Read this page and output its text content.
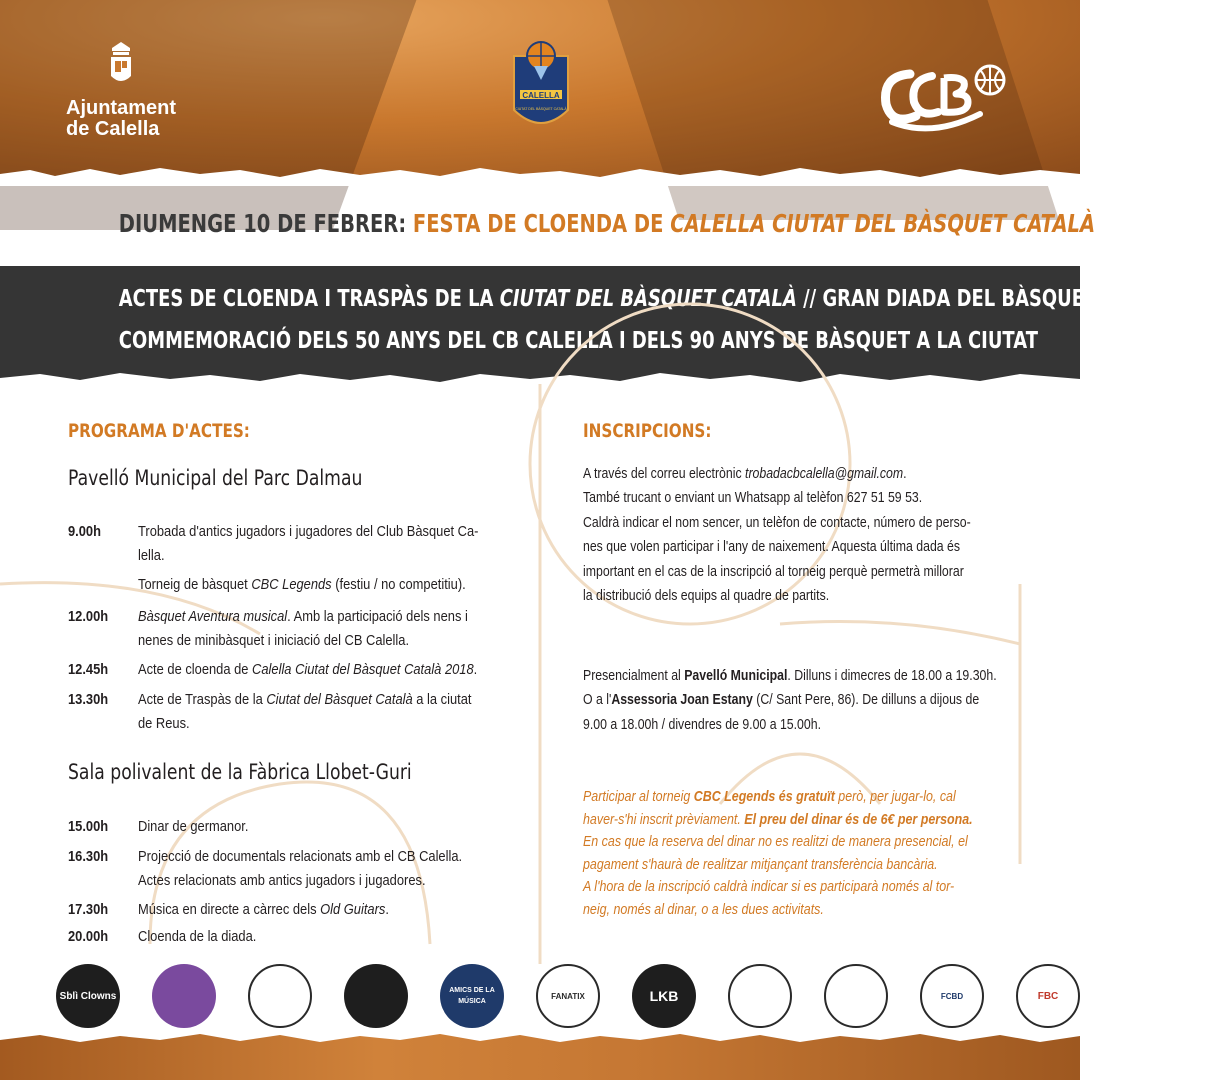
Ajuntament
de Calella
CALELLA
CIUTAT DEL BÀSQUET CATALÀ
DIUMENGE 10 DE FEBRER: FESTA DE CLOENDA DE CALELLA CIUTAT DEL BÀSQUET CATALÀ
ACTES DE CLOENDA I TRASPÀS DE LA CIUTAT DEL BÀSQUET CATALÀ // GRAN DIADA DEL BÀSQUET CALELLENC
COMMEMORACIÓ DELS 50 ANYS DEL CB CALELLA I DELS 90 ANYS DE BÀSQUET A LA CIUTAT
PROGRAMA D'ACTES:
Pavelló Municipal del Parc Dalmau
9.00h Trobada d'antics jugadors i jugadores del Club Bàsquet Ca-
lella.
Torneig de bàsquet CBC Legends (festiu / no competitiu).
12.00h Bàsquet Aventura musical. Amb la participació dels nens i
nenes de minibàsquet i iniciació del CB Calella.
12.45h Acte de cloenda de Calella Ciutat del Bàsquet Català 2018.
13.30h Acte de Traspàs de la Ciutat del Bàsquet Català a la ciutat
de Reus.
Sala polivalent de la Fàbrica Llobet-Guri
15.00h Dinar de germanor.
16.30h Projecció de documentals relacionats amb el CB Calella.
Actes relacionats amb antics jugadors i jugadores.
17.30h Música en directe a càrrec dels Old Guitars.
20.00h Cloenda de la diada.
INSCRIPCIONS:
A través del correu electrònic trobadacbcalella@gmail.com.
També trucant o enviant un Whatsapp al telèfon 627 51 59 53.
Caldrà indicar el nom sencer, un telèfon de contacte, número de perso-
nes que volen participar i l'any de naixement. Aquesta última dada és
important en el cas de la inscripció al torneig perquè permetrà millorar
la distribució dels equips al quadre de partits.
Presencialment al Pavelló Municipal. Dilluns i dimecres de 18.00 a 19.30h.
O a l'Assessoria Joan Estany (C/ Sant Pere, 86). De dilluns a dijous de
9.00 a 18.00h / divendres de 9.00 a 15.00h.
Participar al torneig CBC Legends és gratuït però, per jugar-lo, cal
haver-s'hi inscrit prèviament. El preu del dinar és de 6€ per persona.
En cas que la reserva del dinar no es realitzi de manera presencial, el
pagament s'haurà de realitzar mitjançant transferència bancària.
A l'hora de la inscripció caldrà indicar si es participarà només al tor-
neig, només al dinar, o a les dues activitats.
Sblì Clowns	AMICS DE LA MÚSICA
FANATIX	LKB	FCBD	FBC
